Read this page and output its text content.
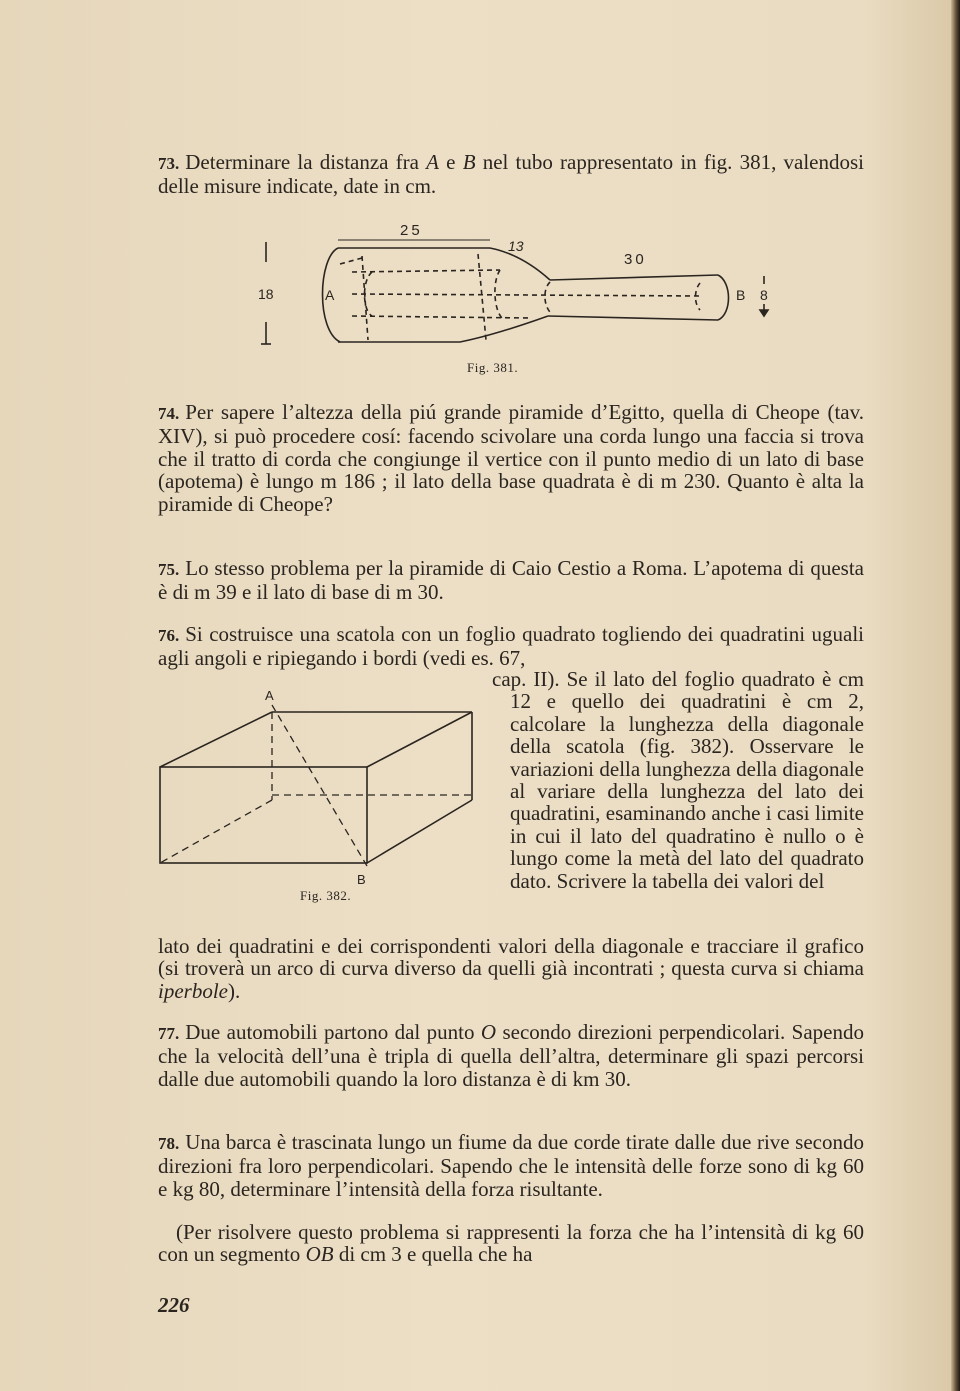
73. Determinare la distanza fra A e B nel tubo rappresentato in fig. 381, valendosi delle misure indicate, date in cm.

25
13
30
18	8
A	B
Fig. 381.

74. Per sapere l’altezza della piú grande piramide d’Egitto, quella di Cheope (tav. XIV), si può procedere cosí: facendo scivolare una corda lungo una faccia si trova che il tratto di corda che congiunge il vertice con il punto medio di un lato di base (apotema) è lungo m 186 ; il lato della base quadrata è di m 230. Quanto è alta la piramide di Cheope?

75. Lo stesso problema per la piramide di Caio Cestio a Roma. L’apotema di questa è di m 39 e il lato di base di m 30.

76. Si costruisce una scatola con un foglio quadrato togliendo dei quadratini uguali agli angoli e ripiegando i bordi (vedi es. 67,

cap. II). Se il lato del foglio quadrato è cm 12 e quello dei quadratini è cm 2, calcolare la lunghezza della diagonale della scatola (fig. 382). Osservare le variazioni della lunghezza della diagonale al variare della lunghezza del lato dei quadratini, esaminando anche i casi limite in cui il lato del quadratino è nullo o è lungo come la metà del lato del quadrato dato. Scrivere la tabella dei valori del

lato dei quadratini e dei corrispondenti valori della diagonale e tracciare il grafico (si troverà un arco di curva diverso da quelli già incontrati ; questa curva si chiama iperbole).

A
B
Fig. 382.

77. Due automobili partono dal punto O secondo direzioni perpendicolari. Sapendo che la velocità dell’una è tripla di quella dell’altra, determinare gli spazi percorsi dalle due automobili quando la loro distanza è di km 30.

78. Una barca è trascinata lungo un fiume da due corde tirate dalle due rive secondo direzioni fra loro perpendicolari. Sapendo che le intensità delle forze sono di kg 60 e kg 80, determinare l’intensità della forza risultante.

(Per risolvere questo problema si rappresenti la forza che ha l’intensità di kg 60 con un segmento OB di cm 3 e quella che ha

226
